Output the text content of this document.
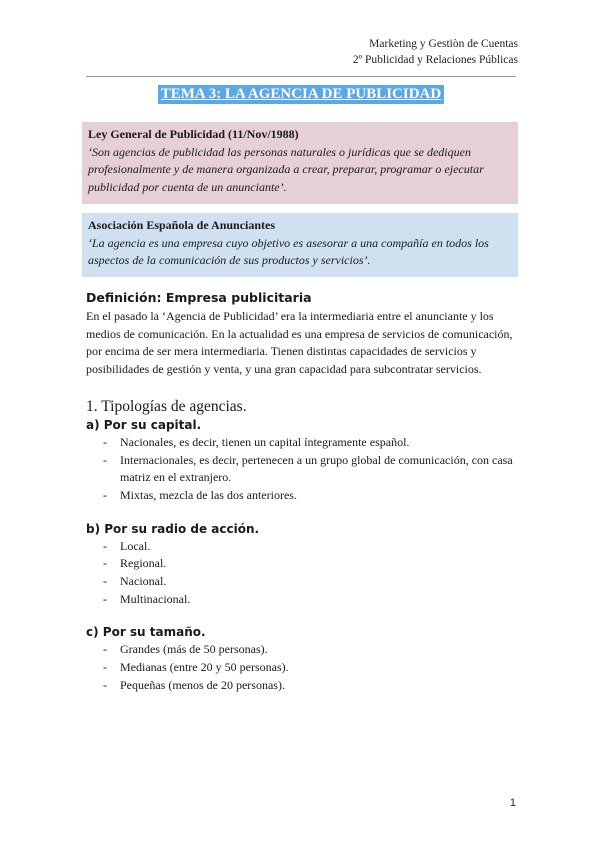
Marketing y Gestiòn de Cuentas
2º Publicidad y Relaciones Públicas
TEMA 3: LA AGENCIA DE PUBLICIDAD
Ley General de Publicidad (11/Nov/1988)
‘Son agencias de publicidad las personas naturales o jurídicas que se dediquen profesionalmente y de manera organizada a crear, preparar, programar o ejecutar publicidad por cuenta de un anunciante’.
Asociación Española de Anunciantes
‘La agencia es una empresa cuyo objetivo es asesorar a una compañía en todos los aspectos de la comunicación de sus productos y servicios’.
Definición: Empresa publicitaria

En el pasado la ‘Agencia de Publicidad’ era la intermediaria entre el anunciante y los medios de comunicación. En la actualidad es una empresa de servicios de comunicación, por encima de ser mera intermediaria. Tienen distintas capacidades de servicios y posibilidades de gestión y venta, y una gran capacidad para subcontratar servicios.

1. Tipologías de agencias.
a) Por su capital.
- Nacionales, es decir, tienen un capital íntegramente español.
- Internacionales, es decir, pertenecen a un grupo global de comunicación, con casa matriz en el extranjero.
- Mixtas, mezcla de las dos anteriores.
b) Por su radio de acción.
- Local.
- Regional.
- Nacional.
- Multinacional.
c) Por su tamaño.
- Grandes (más de 50 personas).
- Medianas (entre 20 y 50 personas).
- Pequeñas (menos de 20 personas).
1
